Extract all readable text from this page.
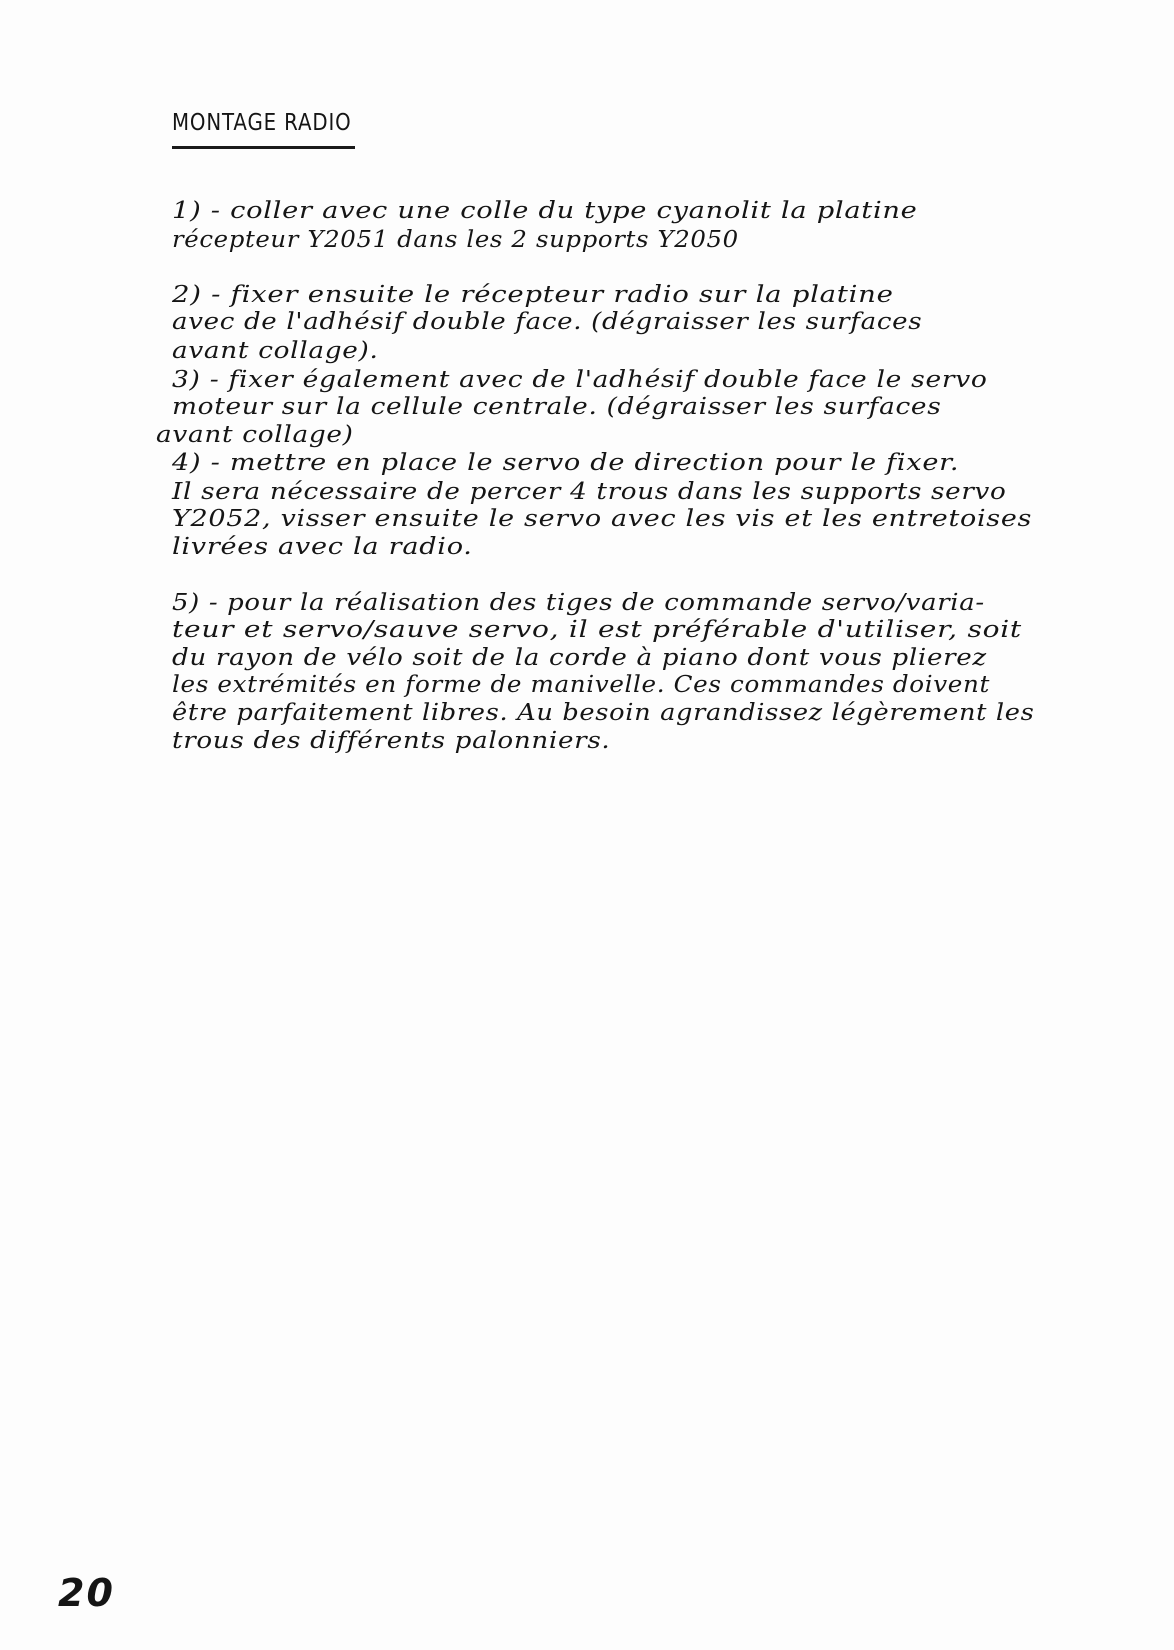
MONTAGE RADIO
1) - coller avec une colle du type cyanolit la platine
récepteur Y2051 dans les 2 supports Y2050
2) - fixer ensuite le récepteur radio sur la platine
avec de l'adhésif double face. (dégraisser les surfaces
avant collage).
3) - fixer également avec de l'adhésif double face le servo
moteur sur la cellule centrale. (dégraisser les surfaces
avant collage)
4) - mettre en place le servo de direction pour le fixer.
Il sera nécessaire de percer 4 trous dans les supports servo
Y2052, visser ensuite le servo avec les vis et les entretoises
livrées avec la radio.
5) - pour la réalisation des tiges de commande servo/varia-
teur et servo/sauve servo, il est préférable d'utiliser, soit
du rayon de vélo soit de la corde à piano dont vous plierez
les extrémités en forme de manivelle. Ces commandes doivent
être parfaitement libres. Au besoin agrandissez légèrement les
trous des différents palonniers.
20
